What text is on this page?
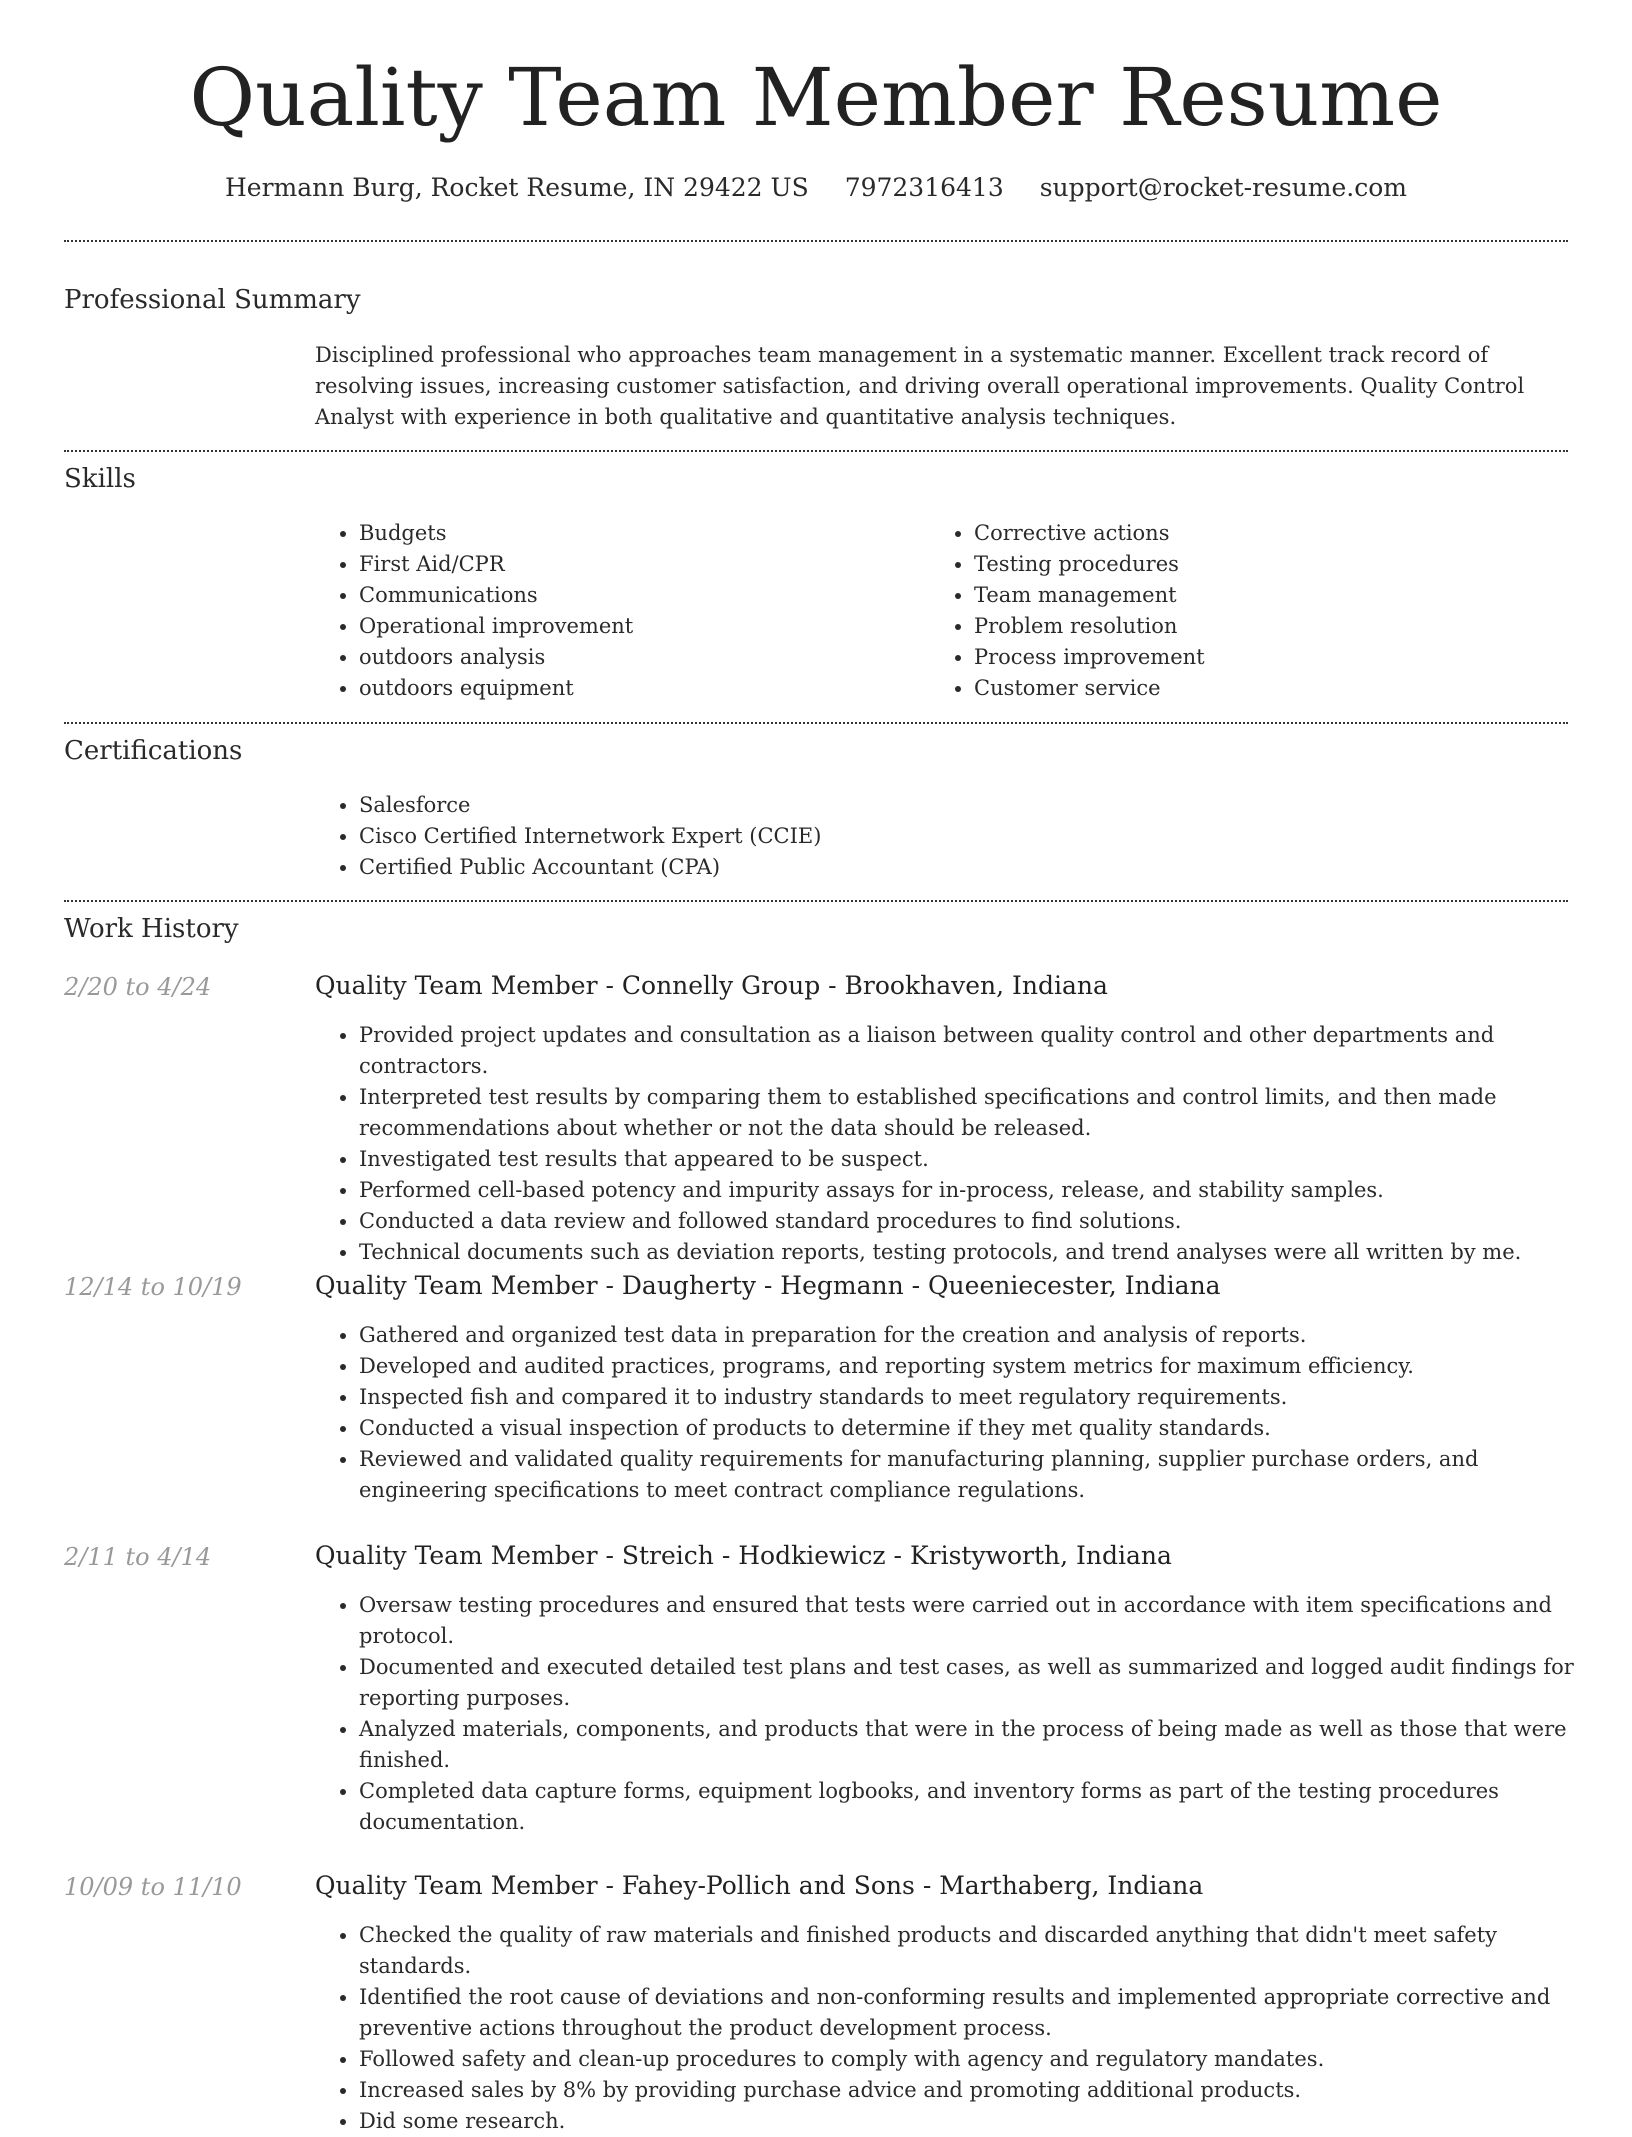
Quality Team Member Resume
Hermann Burg, Rocket Resume, IN 29422 US 7972316413 support@rocket-resume.com
Professional Summary

Disciplined professional who approaches team management in a systematic manner. Excellent track record of resolving issues, increasing customer satisfaction, and driving overall operational improvements. Quality Control Analyst with experience in both qualitative and quantitative analysis techniques.

Skills
• Budgets
• First Aid/CPR
• Communications
• Operational improvement
• outdoors analysis
• outdoors equipment
• Corrective actions
• Testing procedures
• Team management
• Problem resolution
• Process improvement
• Customer service
Certifications
• Salesforce
• Cisco Certified Internetwork Expert (CCIE)
• Certified Public Accountant (CPA)
Work History
2/20 to 4/24	Quality Team Member - Connelly Group - Brookhaven, Indiana
• Provided project updates and consultation as a liaison between quality control and other departments and contractors.
• Interpreted test results by comparing them to established specifications and control limits, and then made recommendations about whether or not the data should be released.
• Investigated test results that appeared to be suspect.
• Performed cell-based potency and impurity assays for in-process, release, and stability samples.
• Conducted a data review and followed standard procedures to find solutions.
• Technical documents such as deviation reports, testing protocols, and trend analyses were all written by me.
12/14 to 10/19	Quality Team Member - Daugherty - Hegmann - Queeniecester, Indiana
• Gathered and organized test data in preparation for the creation and analysis of reports.
• Developed and audited practices, programs, and reporting system metrics for maximum efficiency.
• Inspected fish and compared it to industry standards to meet regulatory requirements.
• Conducted a visual inspection of products to determine if they met quality standards.
• Reviewed and validated quality requirements for manufacturing planning, supplier purchase orders, and engineering specifications to meet contract compliance regulations.
2/11 to 4/14	Quality Team Member - Streich - Hodkiewicz - Kristyworth, Indiana
• Oversaw testing procedures and ensured that tests were carried out in accordance with item specifications and protocol.
• Documented and executed detailed test plans and test cases, as well as summarized and logged audit findings for reporting purposes.
• Analyzed materials, components, and products that were in the process of being made as well as those that were finished.
• Completed data capture forms, equipment logbooks, and inventory forms as part of the testing procedures documentation.
10/09 to 11/10	Quality Team Member - Fahey-Pollich and Sons - Marthaberg, Indiana
• Checked the quality of raw materials and finished products and discarded anything that didn't meet safety standards.
• Identified the root cause of deviations and non-conforming results and implemented appropriate corrective and preventive actions throughout the product development process.
• Followed safety and clean-up procedures to comply with agency and regulatory mandates.
• Increased sales by 8% by providing purchase advice and promoting additional products.
• Did some research.
